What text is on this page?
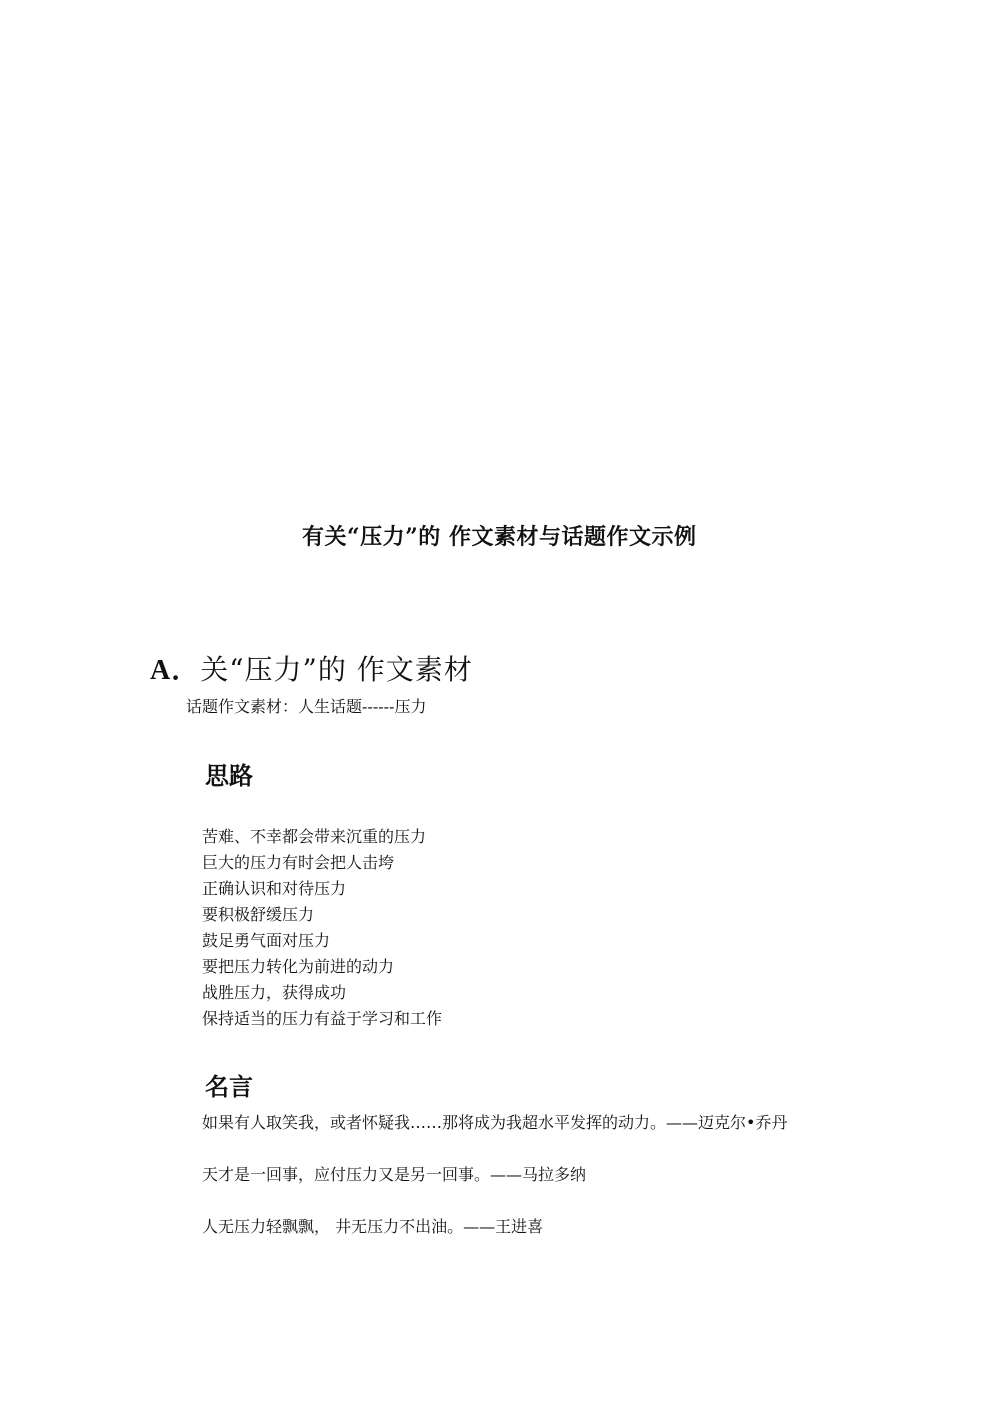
有关“压力”的 作文素材与话题作文示例
A．关“压力”的 作文素材
话题作文素材：人生话题------压力
思路
苦难、不幸都会带来沉重的压力
巨大的压力有时会把人击垮
正确认识和对待压力
要积极舒缓压力
鼓足勇气面对压力
要把压力转化为前进的动力
战胜压力，获得成功
保持适当的压力有益于学习和工作
名言
如果有人取笑我，或者怀疑我……那将成为我超水平发挥的动力。——迈克尔•乔丹
天才是一回事，应付压力又是另一回事。——马拉多纳
人无压力轻飘飘， 井无压力不出油。——王进喜
